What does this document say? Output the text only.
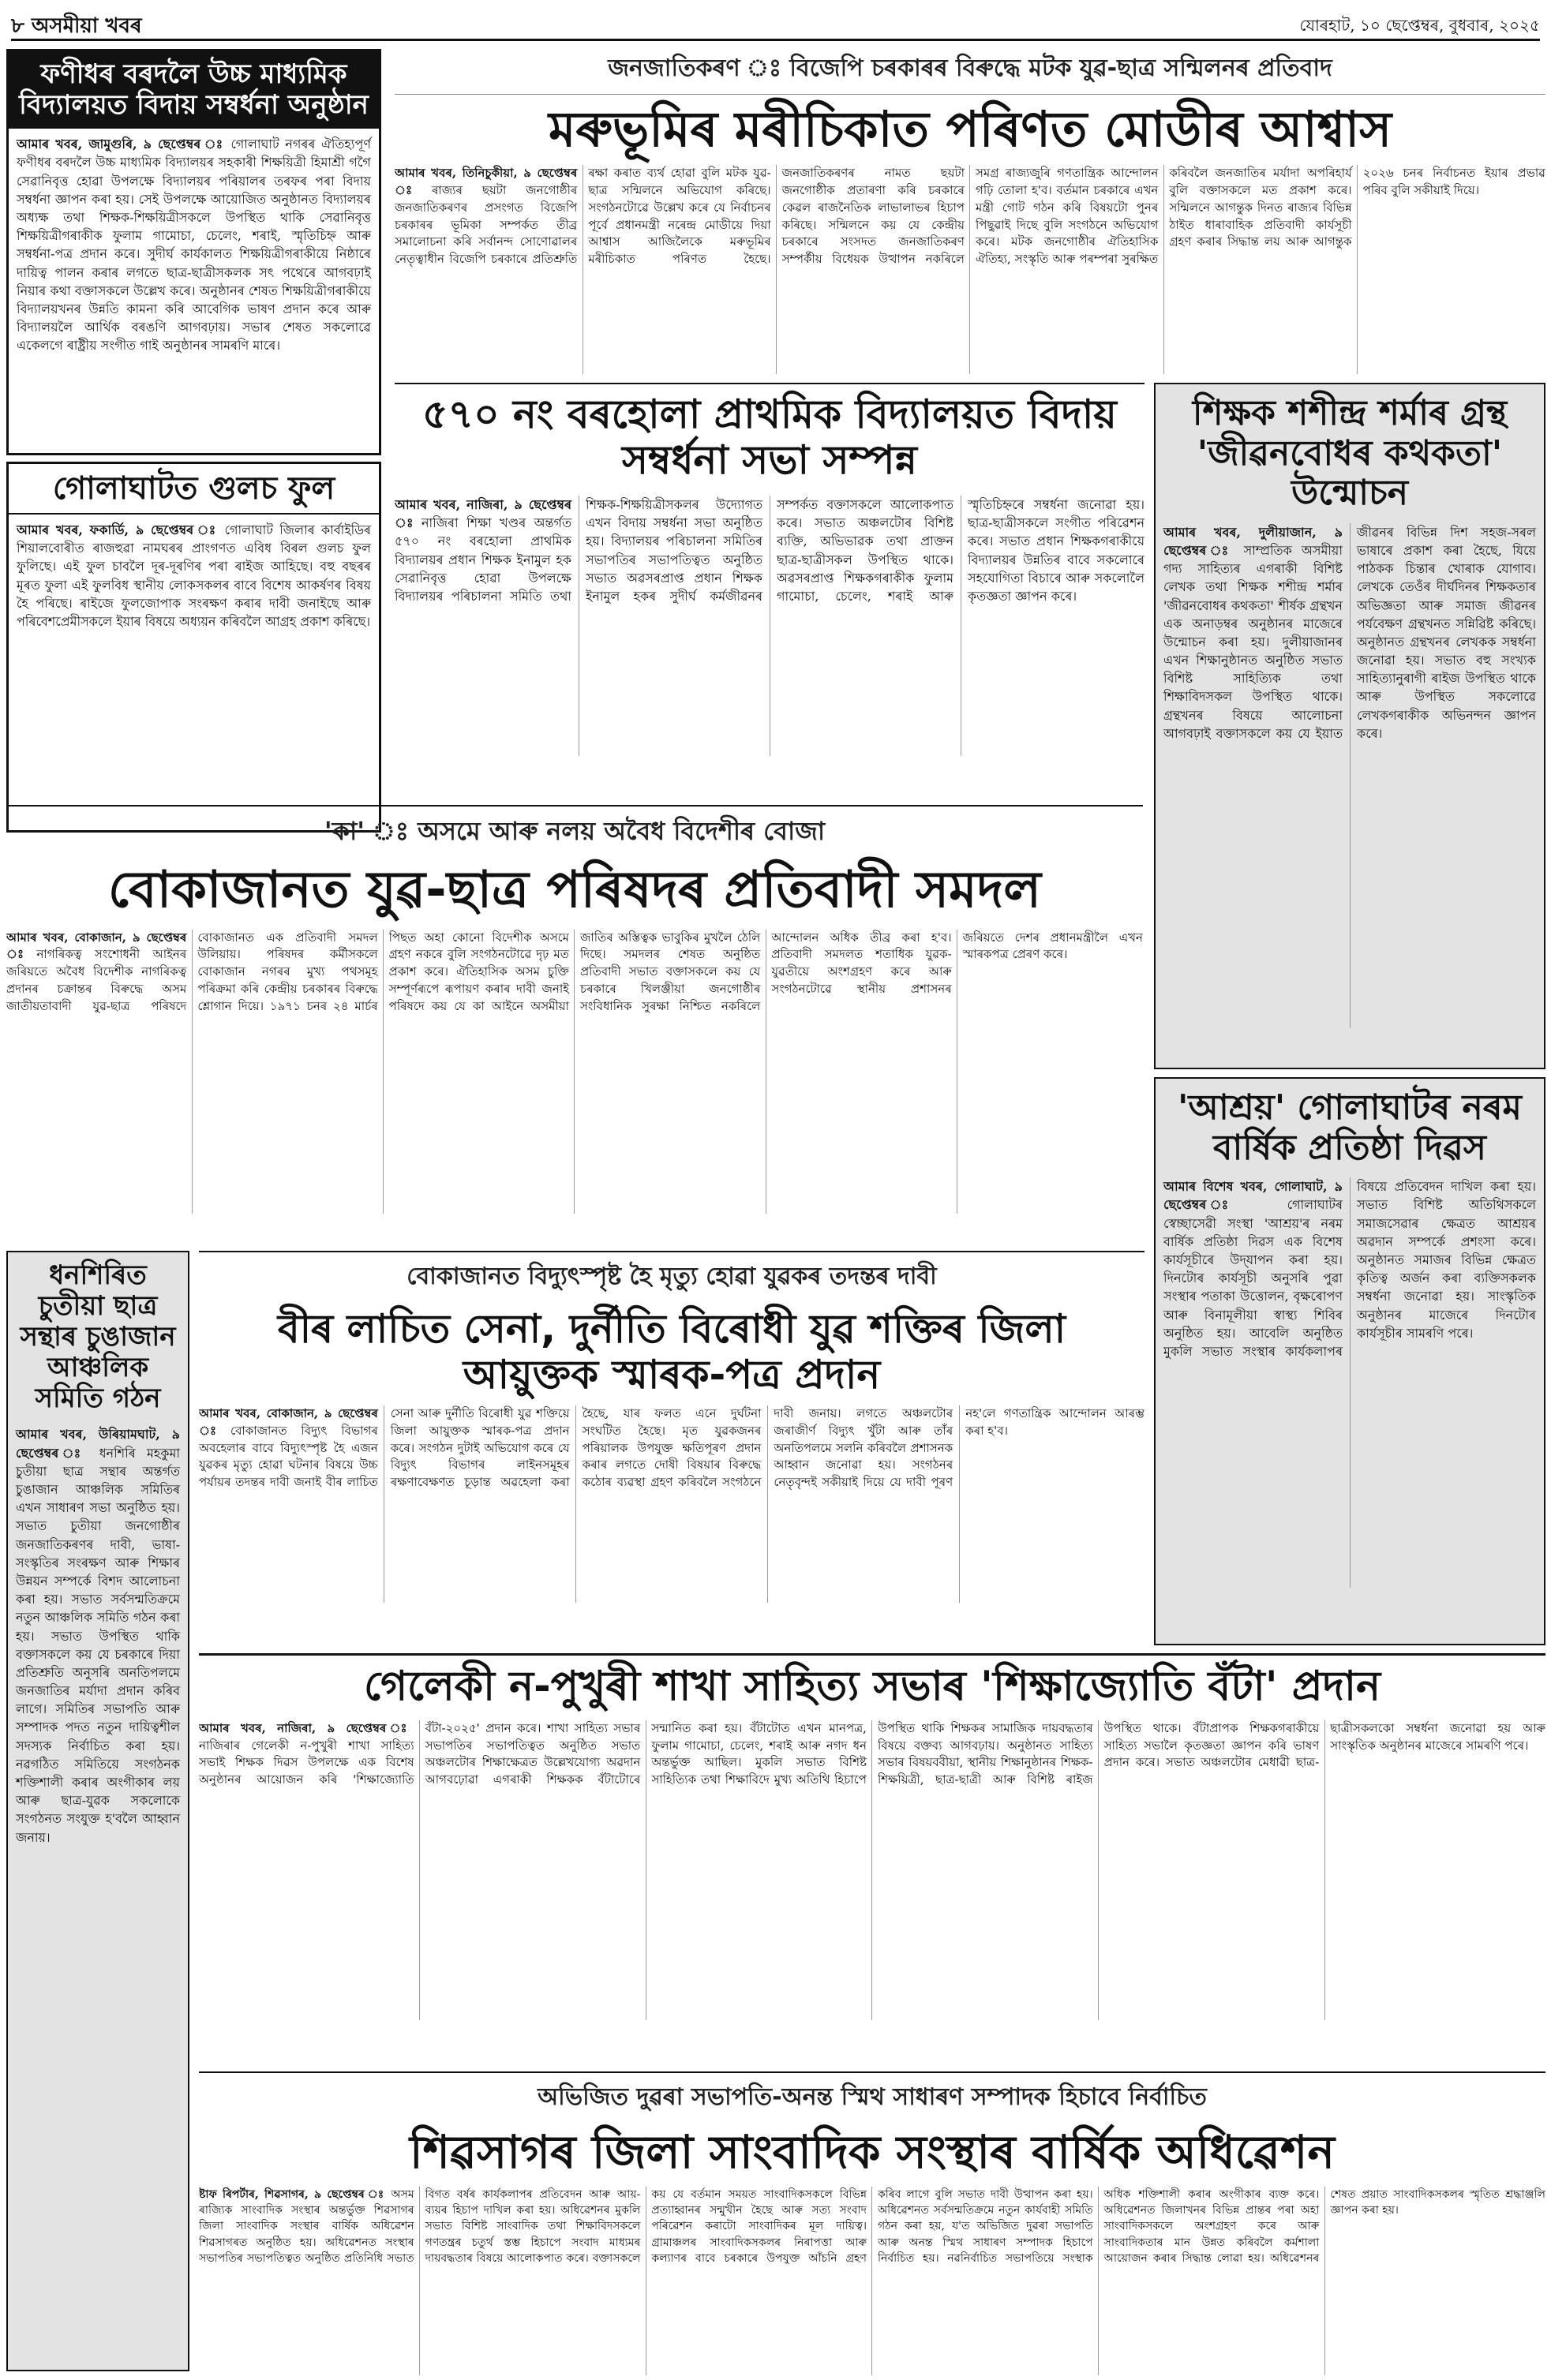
৮ অসমীয়া খবৰ	যোৰহাট, ১০ ছেপ্তেম্বৰ, বুধবাৰ, ২০২৫
ফণীধৰ বৰদলৈ উচ্চ মাধ্যমিক বিদ্যালয়ত বিদায় সম্বৰ্ধনা অনুষ্ঠান
আমাৰ খবৰ, জামুগুৰি, ৯ ছেপ্তেম্বৰ ঃ গোলাঘাট নগৰৰ ঐতিহ্যপূৰ্ণ ফণীধৰ বৰদলৈ উচ্চ মাধ্যমিক বিদ্যালয়ৰ সহকাৰী শিক্ষয়িত্ৰী হিমাশ্ৰী গগৈ সেৱানিবৃত্ত হোৱা উপলক্ষে বিদ্যালয়ৰ পৰিয়ালৰ তৰফৰ পৰা বিদায় সম্বৰ্ধনা জ্ঞাপন কৰা হয়। সেই উপলক্ষে আয়োজিত অনুষ্ঠানত বিদ্যালয়ৰ অধ্যক্ষ তথা শিক্ষক-শিক্ষয়িত্ৰীসকলে উপস্থিত থাকি সেৱানিবৃত্ত শিক্ষয়িত্ৰীগৰাকীক ফুলাম গামোচা, চেলেং, শৰাই, স্মৃতিচিহ্ন আৰু সম্বৰ্ধনা-পত্ৰ প্ৰদান কৰে। সুদীৰ্ঘ কাৰ্যকালত শিক্ষয়িত্ৰীগৰাকীয়ে নিষ্ঠাৰে দায়িত্ব পালন কৰাৰ লগতে ছাত্ৰ-ছাত্ৰীসকলক সৎ পথেৰে আগবঢ়াই নিয়াৰ কথা বক্তাসকলে উল্লেখ কৰে। অনুষ্ঠানৰ শেষত শিক্ষয়িত্ৰীগৰাকীয়ে বিদ্যালয়খনৰ উন্নতি কামনা কৰি আবেগিক ভাষণ প্ৰদান কৰে আৰু বিদ্যালয়লৈ আৰ্থিক বৰঙণি আগবঢ়ায়। সভাৰ শেষত সকলোৱে একেলগে ৰাষ্ট্ৰীয় সংগীত গাই অনুষ্ঠানৰ সামৰণি মাৰে।
গোলাঘাটত গুলচ ফুল
আমাৰ খবৰ, ফকাৰ্ডি, ৯ ছেপ্তেম্বৰ ঃ গোলাঘাট জিলাৰ কাৰ্বাইডিৰ শিয়ালবোৰীত ৰাজহুৱা নামঘৰৰ প্ৰাংগণত এবিধ বিৰল গুলচ ফুল ফুলিছে। এই ফুল চাবলৈ দূৰ-দূৰণিৰ পৰা ৰাইজ আহিছে। বহু বছৰৰ মূৰত ফুলা এই ফুলবিধ স্থানীয় লোকসকলৰ বাবে বিশেষ আকৰ্ষণৰ বিষয় হৈ পৰিছে। ৰাইজে ফুলজোপাক সংৰক্ষণ কৰাৰ দাবী জনাইছে আৰু পৰিবেশপ্ৰেমীসকলে ইয়াৰ বিষয়ে অধ্যয়ন কৰিবলৈ আগ্ৰহ প্ৰকাশ কৰিছে।
জনজাতিকৰণ ঃ বিজেপি চৰকাৰৰ বিৰুদ্ধে মটক যুৱ-ছাত্ৰ সন্মিলনৰ প্ৰতিবাদ
মৰুভূমিৰ মৰীচিকাত পৰিণত মোডীৰ আশ্বাস
আমাৰ খবৰ, তিনিচুকীয়া, ৯ ছেপ্তেম্বৰ ঃ ৰাজ্যৰ ছয়টা জনগোষ্ঠীৰ জনজাতিকৰণৰ প্ৰসংগত বিজেপি চৰকাৰৰ ভূমিকা সম্পৰ্কত তীব্ৰ সমালোচনা কৰি সৰ্বানন্দ সোণোৱালৰ নেতৃত্বাধীন বিজেপি চৰকাৰে প্ৰতিশ্ৰুতি ৰক্ষা কৰাত ব্যৰ্থ হোৱা বুলি মটক যুৱ-ছাত্ৰ সন্মিলনে অভিযোগ কৰিছে। সংগঠনটোৱে উল্লেখ কৰে যে নিৰ্বাচনৰ পূৰ্বে প্ৰধানমন্ত্ৰী নৰেন্দ্ৰ মোডীয়ে দিয়া আশ্বাস আজিলৈকে মৰুভূমিৰ মৰীচিকাত পৰিণত হৈছে। জনজাতিকৰণৰ নামত ছয়টা জনগোষ্ঠীক প্ৰতাৰণা কৰি চৰকাৰে কেৱল ৰাজনৈতিক লাভালাভৰ হিচাপ কৰিছে। সন্মিলনে কয় যে কেন্দ্ৰীয় চৰকাৰে সংসদত জনজাতিকৰণ সম্পৰ্কীয় বিধেয়ক উত্থাপন নকৰিলে সমগ্ৰ ৰাজ্যজুৰি গণতান্ত্ৰিক আন্দোলন গঢ়ি তোলা হ'ব। বৰ্তমান চৰকাৰে এখন মন্ত্ৰী গোট গঠন কৰি বিষয়টো পুনৰ পিছুৱাই দিছে বুলি সংগঠনে অভিযোগ কৰে। মটক জনগোষ্ঠীৰ ঐতিহাসিক ঐতিহ্য, সংস্কৃতি আৰু পৰম্পৰা সুৰক্ষিত কৰিবলৈ জনজাতিৰ মৰ্যাদা অপৰিহাৰ্য বুলি বক্তাসকলে মত প্ৰকাশ কৰে। সন্মিলনে আগন্তুক দিনত ৰাজ্যৰ বিভিন্ন ঠাইত ধাৰাবাহিক প্ৰতিবাদী কাৰ্যসূচী গ্ৰহণ কৰাৰ সিদ্ধান্ত লয় আৰু আগন্তুক ২০২৬ চনৰ নিৰ্বাচনত ইয়াৰ প্ৰভাৱ পৰিব বুলি সকীয়াই দিয়ে।
৫৭০ নং বৰহোলা প্ৰাথমিক বিদ্যালয়ত বিদায় সম্বৰ্ধনা সভা সম্পন্ন
আমাৰ খবৰ, নাজিৰা, ৯ ছেপ্তেম্বৰ ঃ নাজিৰা শিক্ষা খণ্ডৰ অন্তৰ্গত ৫৭০ নং বৰহোলা প্ৰাথমিক বিদ্যালয়ৰ প্ৰধান শিক্ষক ইনামুল হক সেৱানিবৃত্ত হোৱা উপলক্ষে বিদ্যালয়ৰ পৰিচালনা সমিতি তথা শিক্ষক-শিক্ষয়িত্ৰীসকলৰ উদ্যোগত এখন বিদায় সম্বৰ্ধনা সভা অনুষ্ঠিত হয়। বিদ্যালয়ৰ পৰিচালনা সমিতিৰ সভাপতিৰ সভাপতিত্বত অনুষ্ঠিত সভাত অৱসৰপ্ৰাপ্ত প্ৰধান শিক্ষক ইনামুল হকৰ সুদীৰ্ঘ কৰ্মজীৱনৰ সম্পৰ্কত বক্তাসকলে আলোকপাত কৰে। সভাত অঞ্চলটোৰ বিশিষ্ট ব্যক্তি, অভিভাৱক তথা প্ৰাক্তন ছাত্ৰ-ছাত্ৰীসকল উপস্থিত থাকে। অৱসৰপ্ৰাপ্ত শিক্ষকগৰাকীক ফুলাম গামোচা, চেলেং, শৰাই আৰু স্মৃতিচিহ্নৰে সম্বৰ্ধনা জনোৱা হয়। ছাত্ৰ-ছাত্ৰীসকলে সংগীত পৰিৱেশন কৰে। সভাত প্ৰধান শিক্ষকগৰাকীয়ে বিদ্যালয়ৰ উন্নতিৰ বাবে সকলোৰে সহযোগিতা বিচাৰে আৰু সকলোলৈ কৃতজ্ঞতা জ্ঞাপন কৰে।
শিক্ষক শশীন্দ্ৰ শৰ্মাৰ গ্ৰন্থ 'জীৱনবোধৰ কথকতা' উন্মোচন
আমাৰ খবৰ, দুলীয়াজান, ৯ ছেপ্তেম্বৰ ঃ সাম্প্ৰতিক অসমীয়া গদ্য সাহিত্যৰ এগৰাকী বিশিষ্ট লেখক তথা শিক্ষক শশীন্দ্ৰ শৰ্মাৰ 'জীৱনবোধৰ কথকতা' শীৰ্ষক গ্ৰন্থখন এক অনাড়ম্বৰ অনুষ্ঠানৰ মাজেৰে উন্মোচন কৰা হয়। দুলীয়াজানৰ এখন শিক্ষানুষ্ঠানত অনুষ্ঠিত সভাত বিশিষ্ট সাহিত্যিক তথা শিক্ষাবিদসকল উপস্থিত থাকে। গ্ৰন্থখনৰ বিষয়ে আলোচনা আগবঢ়াই বক্তাসকলে কয় যে ইয়াত জীৱনৰ বিভিন্ন দিশ সহজ-সৰল ভাষাৰে প্ৰকাশ কৰা হৈছে, যিয়ে পাঠকক চিন্তাৰ খোৰাক যোগাব। লেখকে তেওঁৰ দীৰ্ঘদিনৰ শিক্ষকতাৰ অভিজ্ঞতা আৰু সমাজ জীৱনৰ পৰ্যবেক্ষণ গ্ৰন্থখনত সন্নিৱিষ্ট কৰিছে। অনুষ্ঠানত গ্ৰন্থখনৰ লেখকক সম্বৰ্ধনা জনোৱা হয়। সভাত বহু সংখ্যক সাহিত্যানুৰাগী ৰাইজ উপস্থিত থাকে আৰু উপস্থিত সকলোৱে লেখকগৰাকীক অভিনন্দন জ্ঞাপন কৰে।
'কা' ঃ অসমে আৰু নলয় অবৈধ বিদেশীৰ বোজা
বোকাজানত যুৱ-ছাত্ৰ পৰিষদৰ প্ৰতিবাদী সমদল
আমাৰ খবৰ, বোকাজান, ৯ ছেপ্তেম্বৰ ঃ নাগৰিকত্ব সংশোধনী আইনৰ জৰিয়তে অবৈধ বিদেশীক নাগৰিকত্ব প্ৰদানৰ চক্ৰান্তৰ বিৰুদ্ধে অসম জাতীয়তাবাদী যুৱ-ছাত্ৰ পৰিষদে বোকাজানত এক প্ৰতিবাদী সমদল উলিয়ায়। পৰিষদৰ কৰ্মীসকলে বোকাজান নগৰৰ মুখ্য পথসমূহ পৰিক্ৰমা কৰি কেন্দ্ৰীয় চৰকাৰৰ বিৰুদ্ধে শ্লোগান দিয়ে। ১৯৭১ চনৰ ২৪ মাৰ্চৰ পিছত অহা কোনো বিদেশীক অসমে গ্ৰহণ নকৰে বুলি সংগঠনটোৱে দৃঢ় মত প্ৰকাশ কৰে। ঐতিহাসিক অসম চুক্তি সম্পূৰ্ণৰূপে ৰূপায়ণ কৰাৰ দাবী জনাই পৰিষদে কয় যে কা আইনে অসমীয়া জাতিৰ অস্তিত্বক ভাবুকিৰ মুখলৈ ঠেলি দিছে। সমদলৰ শেষত অনুষ্ঠিত প্ৰতিবাদী সভাত বক্তাসকলে কয় যে চৰকাৰে খিলঞ্জীয়া জনগোষ্ঠীৰ সংবিধানিক সুৰক্ষা নিশ্চিত নকৰিলে আন্দোলন অধিক তীব্ৰ কৰা হ'ব। প্ৰতিবাদী সমদলত শতাধিক যুৱক-যুৱতীয়ে অংশগ্ৰহণ কৰে আৰু সংগঠনটোৱে স্থানীয় প্ৰশাসনৰ জৰিয়তে দেশৰ প্ৰধানমন্ত্ৰীলৈ এখন স্মাৰকপত্ৰ প্ৰেৰণ কৰে।
'আশ্ৰয়' গোলাঘাটৰ নৰম বাৰ্ষিক প্ৰতিষ্ঠা দিৱস
আমাৰ বিশেষ খবৰ, গোলাঘাট, ৯ ছেপ্তেম্বৰ ঃ গোলাঘাটৰ স্বেচ্ছাসেৱী সংস্থা 'আশ্ৰয়'ৰ নৰম বাৰ্ষিক প্ৰতিষ্ঠা দিৱস এক বিশেষ কাৰ্যসূচীৰে উদ্‌যাপন কৰা হয়। দিনটোৰ কাৰ্যসূচী অনুসৰি পুৱা সংস্থাৰ পতাকা উত্তোলন, বৃক্ষৰোপণ আৰু বিনামূলীয়া স্বাস্থ্য শিবিৰ অনুষ্ঠিত হয়। আবেলি অনুষ্ঠিত মুকলি সভাত সংস্থাৰ কাৰ্যকলাপৰ বিষয়ে প্ৰতিবেদন দাখিল কৰা হয়। সভাত বিশিষ্ট অতিথিসকলে সমাজসেৱাৰ ক্ষেত্ৰত আশ্ৰয়ৰ অৱদান সম্পৰ্কে প্ৰশংসা কৰে। অনুষ্ঠানত সমাজৰ বিভিন্ন ক্ষেত্ৰত কৃতিত্ব অৰ্জন কৰা ব্যক্তিসকলক সম্বৰ্ধনা জনোৱা হয়। সাংস্কৃতিক অনুষ্ঠানৰ মাজেৰে দিনটোৰ কাৰ্যসূচীৰ সামৰণি পৰে।
ধনশিৰিত চুতীয়া ছাত্ৰ সন্থাৰ চুঙাজান আঞ্চলিক সমিতি গঠন
আমাৰ খবৰ, উৰিয়ামঘাট, ৯ ছেপ্তেম্বৰ ঃ ধনশিৰি মহকুমা চুতীয়া ছাত্ৰ সন্থাৰ অন্তৰ্গত চুঙাজান আঞ্চলিক সমিতিৰ এখন সাধাৰণ সভা অনুষ্ঠিত হয়। সভাত চুতীয়া জনগোষ্ঠীৰ জনজাতিকৰণৰ দাবী, ভাষা-সংস্কৃতিৰ সংৰক্ষণ আৰু শিক্ষাৰ উন্নয়ন সম্পৰ্কে বিশদ আলোচনা কৰা হয়। সভাত সৰ্বসন্মতিক্ৰমে নতুন আঞ্চলিক সমিতি গঠন কৰা হয়। সভাত উপস্থিত থাকি বক্তাসকলে কয় যে চৰকাৰে দিয়া প্ৰতিশ্ৰুতি অনুসৰি অনতিপলমে জনজাতিৰ মৰ্যাদা প্ৰদান কৰিব লাগে। সমিতিৰ সভাপতি আৰু সম্পাদক পদত নতুন দায়িত্বশীল সদস্যক নিৰ্বাচিত কৰা হয়। নৱগঠিত সমিতিয়ে সংগঠনক শক্তিশালী কৰাৰ অংগীকাৰ লয় আৰু ছাত্ৰ-যুৱক সকলোকে সংগঠনত সংযুক্ত হ'বলৈ আহ্বান জনায়।
বোকাজানত বিদ্যুৎস্পৃষ্ট হৈ মৃত্যু হোৱা যুৱকৰ তদন্তৰ দাবী
বীৰ লাচিত সেনা, দুৰ্নীতি বিৰোধী যুৱ শক্তিৰ জিলা আয়ুক্তক স্মাৰক-পত্ৰ প্ৰদান
আমাৰ খবৰ, বোকাজান, ৯ ছেপ্তেম্বৰ ঃ বোকাজানত বিদ্যুৎ বিভাগৰ অবহেলাৰ বাবে বিদ্যুৎস্পৃষ্ট হৈ এজন যুৱকৰ মৃত্যু হোৱা ঘটনাৰ বিষয়ে উচ্চ পৰ্যায়ৰ তদন্তৰ দাবী জনাই বীৰ লাচিত সেনা আৰু দুৰ্নীতি বিৰোধী যুৱ শক্তিয়ে জিলা আয়ুক্তক স্মাৰক-পত্ৰ প্ৰদান কৰে। সংগঠন দুটাই অভিযোগ কৰে যে বিদ্যুৎ বিভাগৰ লাইনসমূহৰ ৰক্ষণাবেক্ষণত চূড়ান্ত অৱহেলা কৰা হৈছে, যাৰ ফলত এনে দুৰ্ঘটনা সংঘটিত হৈছে। মৃত যুৱকজনৰ পৰিয়ালক উপযুক্ত ক্ষতিপূৰণ প্ৰদান কৰাৰ লগতে দোষী বিষয়াৰ বিৰুদ্ধে কঠোৰ ব্যৱস্থা গ্ৰহণ কৰিবলৈ সংগঠনে দাবী জনায়। লগতে অঞ্চলটোৰ জৰাজীৰ্ণ বিদ্যুৎ খুঁটা আৰু তাঁৰ অনতিপলমে সলনি কৰিবলৈ প্ৰশাসনক আহ্বান জনোৱা হয়। সংগঠনৰ নেতৃবৃন্দই সকীয়াই দিয়ে যে দাবী পূৰণ নহ'লে গণতান্ত্ৰিক আন্দোলন আৰম্ভ কৰা হ'ব।
গেলেকী ন-পুখুৰী শাখা সাহিত্য সভাৰ 'শিক্ষাজ্যোতি বঁটা' প্ৰদান
আমাৰ খবৰ, নাজিৰা, ৯ ছেপ্তেম্বৰ ঃ নাজিৰাৰ গেলেকী ন-পুখুৰী শাখা সাহিত্য সভাই শিক্ষক দিৱস উপলক্ষে এক বিশেষ অনুষ্ঠানৰ আয়োজন কৰি 'শিক্ষাজ্যোতি বঁটা-২০২৫' প্ৰদান কৰে। শাখা সাহিত্য সভাৰ সভাপতিৰ সভাপতিত্বত অনুষ্ঠিত সভাত অঞ্চলটোৰ শিক্ষাক্ষেত্ৰত উল্লেখযোগ্য অৱদান আগবঢ়োৱা এগৰাকী শিক্ষকক বঁটাটোৰে সন্মানিত কৰা হয়। বঁটাটোত এখন মানপত্ৰ, ফুলাম গামোচা, চেলেং, শৰাই আৰু নগদ ধন অন্তৰ্ভুক্ত আছিল। মুকলি সভাত বিশিষ্ট সাহিত্যিক তথা শিক্ষাবিদে মুখ্য অতিথি হিচাপে উপস্থিত থাকি শিক্ষকৰ সামাজিক দায়বদ্ধতাৰ বিষয়ে বক্তব্য আগবঢ়ায়। অনুষ্ঠানত সাহিত্য সভাৰ বিষয়ববীয়া, স্থানীয় শিক্ষানুষ্ঠানৰ শিক্ষক-শিক্ষয়িত্ৰী, ছাত্ৰ-ছাত্ৰী আৰু বিশিষ্ট ৰাইজ উপস্থিত থাকে। বঁটাপ্ৰাপক শিক্ষকগৰাকীয়ে সাহিত্য সভালৈ কৃতজ্ঞতা জ্ঞাপন কৰি ভাষণ প্ৰদান কৰে। সভাত অঞ্চলটোৰ মেধাৱী ছাত্ৰ-ছাত্ৰীসকলকো সম্বৰ্ধনা জনোৱা হয় আৰু সাংস্কৃতিক অনুষ্ঠানৰ মাজেৰে সামৰণি পৰে।
অভিজিত দুৱৰা সভাপতি-অনন্ত স্মিথ সাধাৰণ সম্পাদক হিচাবে নিৰ্বাচিত
শিৱসাগৰ জিলা সাংবাদিক সংস্থাৰ বাৰ্ষিক অধিৱেশন
ষ্টাফ ৰিপৰ্টাৰ, শিৱসাগৰ, ৯ ছেপ্তেম্বৰ ঃ অসম ৰাজ্যিক সাংবাদিক সংস্থাৰ অন্তৰ্ভুক্ত শিৱসাগৰ জিলা সাংবাদিক সংস্থাৰ বাৰ্ষিক অধিৱেশন শিৱসাগৰত অনুষ্ঠিত হয়। অধিৱেশনত সংস্থাৰ সভাপতিৰ সভাপতিত্বত অনুষ্ঠিত প্ৰতিনিধি সভাত বিগত বৰ্ষৰ কাৰ্যকলাপৰ প্ৰতিবেদন আৰু আয়-ব্যয়ৰ হিচাপ দাখিল কৰা হয়। অধিৱেশনৰ মুকলি সভাত বিশিষ্ট সাংবাদিক তথা শিক্ষাবিদসকলে গণতন্ত্ৰৰ চতুৰ্থ স্তম্ভ হিচাপে সংবাদ মাধ্যমৰ দায়বদ্ধতাৰ বিষয়ে আলোকপাত কৰে। বক্তাসকলে কয় যে বৰ্তমান সময়ত সাংবাদিকসকলে বিভিন্ন প্ৰত্যাহ্বানৰ সন্মুখীন হৈছে আৰু সত্য সংবাদ পৰিৱেশন কৰাটো সাংবাদিকৰ মূল দায়িত্ব। গ্ৰামাঞ্চলৰ সাংবাদিকসকলৰ নিৰাপত্তা আৰু কল্যাণৰ বাবে চৰকাৰে উপযুক্ত আঁচনি গ্ৰহণ কৰিব লাগে বুলি সভাত দাবী উত্থাপন কৰা হয়। অধিৱেশনত সৰ্বসন্মতিক্ৰমে নতুন কাৰ্যবাহী সমিতি গঠন কৰা হয়, য'ত অভিজিত দুৱৰা সভাপতি আৰু অনন্ত স্মিথ সাধাৰণ সম্পাদক হিচাপে নিৰ্বাচিত হয়। নৱনিৰ্বাচিত সভাপতিয়ে সংস্থাক অধিক শক্তিশালী কৰাৰ অংগীকাৰ ব্যক্ত কৰে। অধিৱেশনত জিলাখনৰ বিভিন্ন প্ৰান্তৰ পৰা অহা সাংবাদিকসকলে অংশগ্ৰহণ কৰে আৰু সাংবাদিকতাৰ মান উন্নত কৰিবলৈ কৰ্মশালা আয়োজন কৰাৰ সিদ্ধান্ত লোৱা হয়। অধিৱেশনৰ শেষত প্ৰয়াত সাংবাদিকসকলৰ স্মৃতিত শ্ৰদ্ধাঞ্জলি জ্ঞাপন কৰা হয়।
